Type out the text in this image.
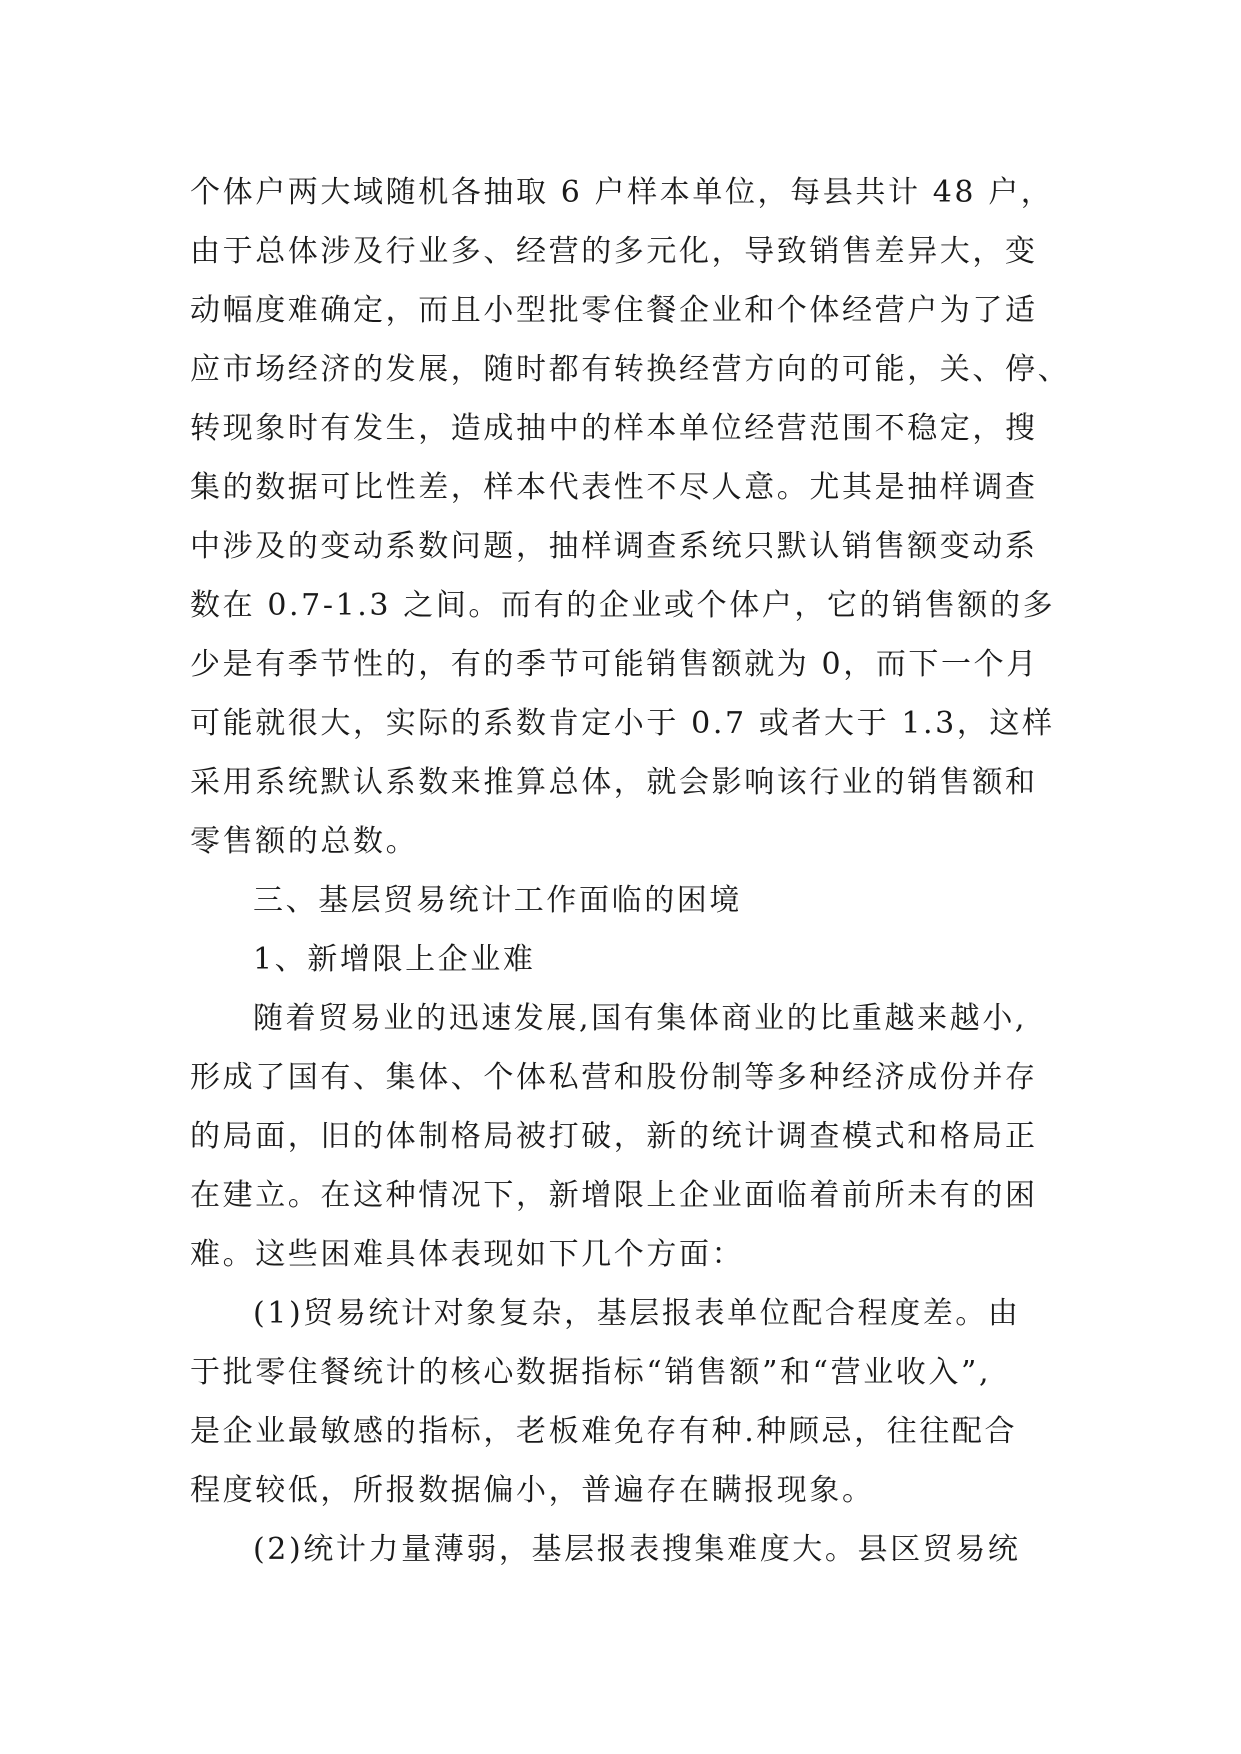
个体户两大域随机各抽取 6 户样本单位，每县共计 48 户，
由于总体涉及行业多、经营的多元化，导致销售差异大，变
动幅度难确定，而且小型批零住餐企业和个体经营户为了适
应市场经济的发展，随时都有转换经营方向的可能，关、停、
转现象时有发生，造成抽中的样本单位经营范围不稳定，搜
集的数据可比性差，样本代表性不尽人意。尤其是抽样调查
中涉及的变动系数问题，抽样调查系统只默认销售额变动系
数在 0.7-1.3 之间。而有的企业或个体户，它的销售额的多
少是有季节性的，有的季节可能销售额就为 0，而下一个月
可能就很大，实际的系数肯定小于 0.7 或者大于 1.3，这样
采用系统默认系数来推算总体，就会影响该行业的销售额和
零售额的总数。
三、基层贸易统计工作面临的困境
1、新增限上企业难
随着贸易业的迅速发展,国有集体商业的比重越来越小,
形成了国有、集体、个体私营和股份制等多种经济成份并存
的局面，旧的体制格局被打破，新的统计调查模式和格局正
在建立。在这种情况下，新增限上企业面临着前所未有的困
难。这些困难具体表现如下几个方面：
(1)贸易统计对象复杂，基层报表单位配合程度差。由
于批零住餐统计的核心数据指标“销售额”和“营业收入”,
是企业最敏感的指标，老板难免存有种.种顾忌，往往配合
程度较低，所报数据偏小，普遍存在瞒报现象。
(2)统计力量薄弱，基层报表搜集难度大。县区贸易统
